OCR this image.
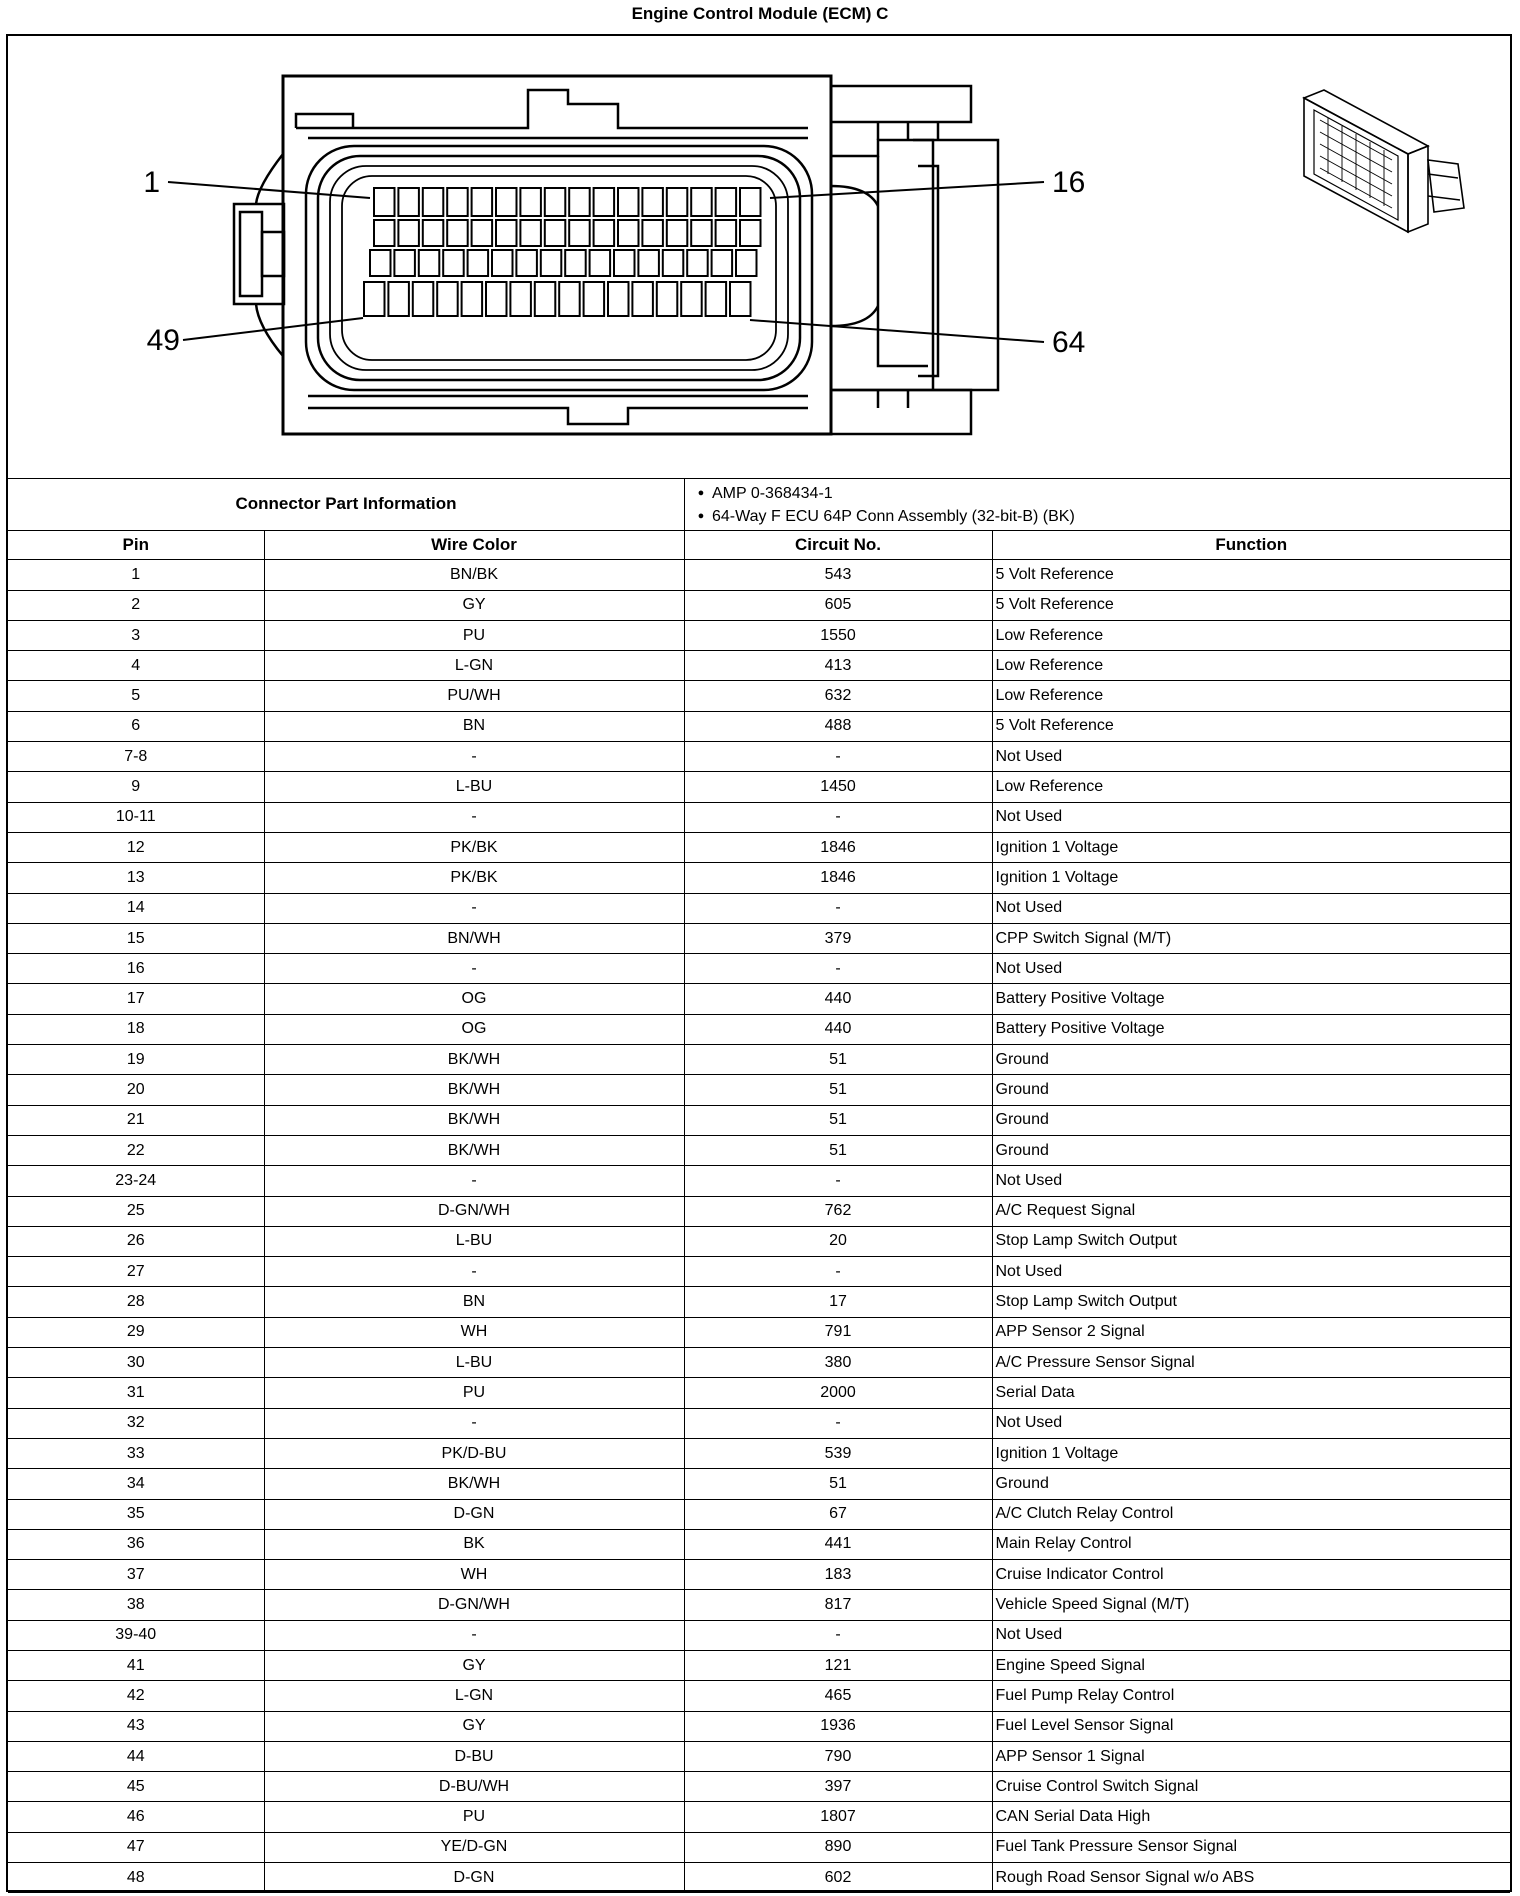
Engine Control Module (ECM) C
1	16
49	64
Connector Part Information
● AMP 0-368434-1
● 64-Way F ECU 64P Conn Assembly (32-bit-B) (BK)
Pin	Wire Color	Circuit No.	Function
1	BN/BK	543	5 Volt Reference
2	GY	605	5 Volt Reference
3	PU	1550	Low Reference
4	L-GN	413	Low Reference
5	PU/WH	632	Low Reference
6	BN	488	5 Volt Reference
7-8	-	-	Not Used
9	L-BU	1450	Low Reference
10-11	-	-	Not Used
12	PK/BK	1846	Ignition 1 Voltage
13	PK/BK	1846	Ignition 1 Voltage
14	-	-	Not Used
15	BN/WH	379	CPP Switch Signal (M/T)
16	-	-	Not Used
17	OG	440	Battery Positive Voltage
18	OG	440	Battery Positive Voltage
19	BK/WH	51	Ground
20	BK/WH	51	Ground
21	BK/WH	51	Ground
22	BK/WH	51	Ground
23-24	-	-	Not Used
25	D-GN/WH	762	A/C Request Signal
26	L-BU	20	Stop Lamp Switch Output
27	-	-	Not Used
28	BN	17	Stop Lamp Switch Output
29	WH	791	APP Sensor 2 Signal
30	L-BU	380	A/C Pressure Sensor Signal
31	PU	2000	Serial Data
32	-	-	Not Used
33	PK/D-BU	539	Ignition 1 Voltage
34	BK/WH	51	Ground
35	D-GN	67	A/C Clutch Relay Control
36	BK	441	Main Relay Control
37	WH	183	Cruise Indicator Control
38	D-GN/WH	817	Vehicle Speed Signal (M/T)
39-40	-	-	Not Used
41	GY	121	Engine Speed Signal
42	L-GN	465	Fuel Pump Relay Control
43	GY	1936	Fuel Level Sensor Signal
44	D-BU	790	APP Sensor 1 Signal
45	D-BU/WH	397	Cruise Control Switch Signal
46	PU	1807	CAN Serial Data High
47	YE/D-GN	890	Fuel Tank Pressure Sensor Signal
48	D-GN	602	Rough Road Sensor Signal w/o ABS
